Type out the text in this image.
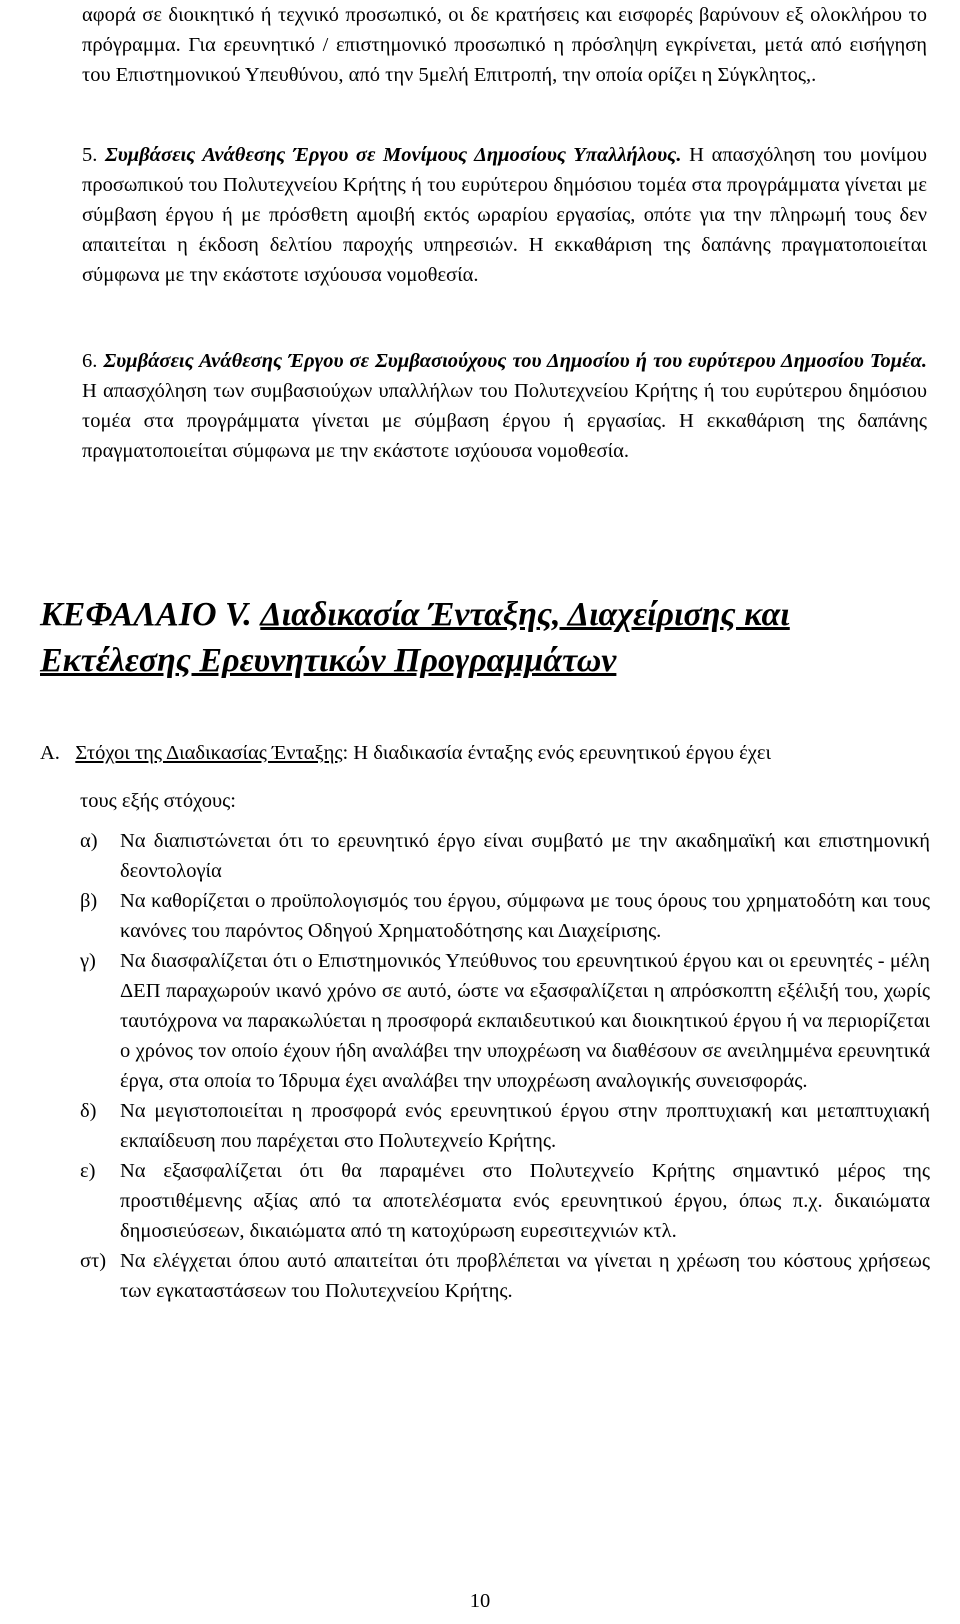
αφορά σε διοικητικό ή τεχνικό προσωπικό, οι δε κρατήσεις και εισφορές βαρύνουν εξ ολοκλήρου το πρόγραμμα. Για ερευνητικό / επιστημονικό προσωπικό η πρόσληψη εγκρίνεται, μετά από εισήγηση του Επιστημονικού Υπευθύνου, από την 5μελή Επιτροπή, την οποία ορίζει η Σύγκλητος,.
5. Συμβάσεις Ανάθεσης Έργου σε Μονίμους Δημοσίους Υπαλλήλους. Η απασχόληση του μονίμου προσωπικού του Πολυτεχνείου Κρήτης ή του ευρύτερου δημόσιου τομέα στα προγράμματα γίνεται με σύμβαση έργου ή με πρόσθετη αμοιβή εκτός ωραρίου εργασίας, οπότε για την πληρωμή τους δεν απαιτείται η έκδοση δελτίου παροχής υπηρεσιών. Η εκκαθάριση της δαπάνης πραγματοποιείται σύμφωνα με την εκάστοτε ισχύουσα νομοθεσία.
6. Συμβάσεις Ανάθεσης Έργου σε Συμβασιούχους του Δημοσίου ή του ευρύτερου Δημοσίου Τομέα. Η απασχόληση των συμβασιούχων υπαλλήλων του Πολυτεχνείου Κρήτης ή του ευρύτερου δημόσιου τομέα στα προγράμματα γίνεται με σύμβαση έργου ή εργασίας. Η εκκαθάριση της δαπάνης πραγματοποιείται σύμφωνα με την εκάστοτε ισχύουσα νομοθεσία.
ΚΕΦΑΛΑΙΟ V. Διαδικασία Ένταξης, Διαχείρισης και Εκτέλεσης Ερευνητικών Προγραμμάτων
Α. Στόχοι της Διαδικασίας Ένταξης: Η διαδικασία ένταξης ενός ερευνητικού έργου έχει
τους εξής στόχους:
α)	Να διαπιστώνεται ότι το ερευνητικό έργο είναι συμβατό με την ακαδημαϊκή και επιστημονική δεοντολογία
β)	Να καθορίζεται ο προϋπολογισμός του έργου, σύμφωνα με τους όρους του χρηματοδότη και τους κανόνες του παρόντος Οδηγού Χρηματοδότησης και Διαχείρισης.
γ)	Να διασφαλίζεται ότι ο Επιστημονικός Υπεύθυνος του ερευνητικού έργου και οι ερευνητές - μέλη ΔΕΠ παραχωρούν ικανό χρόνο σε αυτό, ώστε να εξασφαλίζεται η απρόσκοπτη εξέλιξή του, χωρίς ταυτόχρονα να παρακωλύεται η προσφορά εκπαιδευτικού και διοικητικού έργου ή να περιορίζεται ο χρόνος τον οποίο έχουν ήδη αναλάβει την υποχρέωση να διαθέσουν σε ανειλημμένα ερευνητικά έργα, στα οποία το Ίδρυμα έχει αναλάβει την υποχρέωση αναλογικής συνεισφοράς.
δ)	Να μεγιστοποιείται η προσφορά ενός ερευνητικού έργου στην προπτυχιακή και μεταπτυχιακή εκπαίδευση που παρέχεται στο Πολυτεχνείο Κρήτης.
ε)	Να εξασφαλίζεται ότι θα παραμένει στο Πολυτεχνείο Κρήτης σημαντικό μέρος της προστιθέμενης αξίας από τα αποτελέσματα ενός ερευνητικού έργου, όπως π.χ. δικαιώματα δημοσιεύσεων, δικαιώματα από τη κατοχύρωση ευρεσιτεχνιών κτλ.
στ) Να ελέγχεται όπου αυτό απαιτείται ότι προβλέπεται να γίνεται η χρέωση του κόστους χρήσεως των εγκαταστάσεων του Πολυτεχνείου Κρήτης.
10
